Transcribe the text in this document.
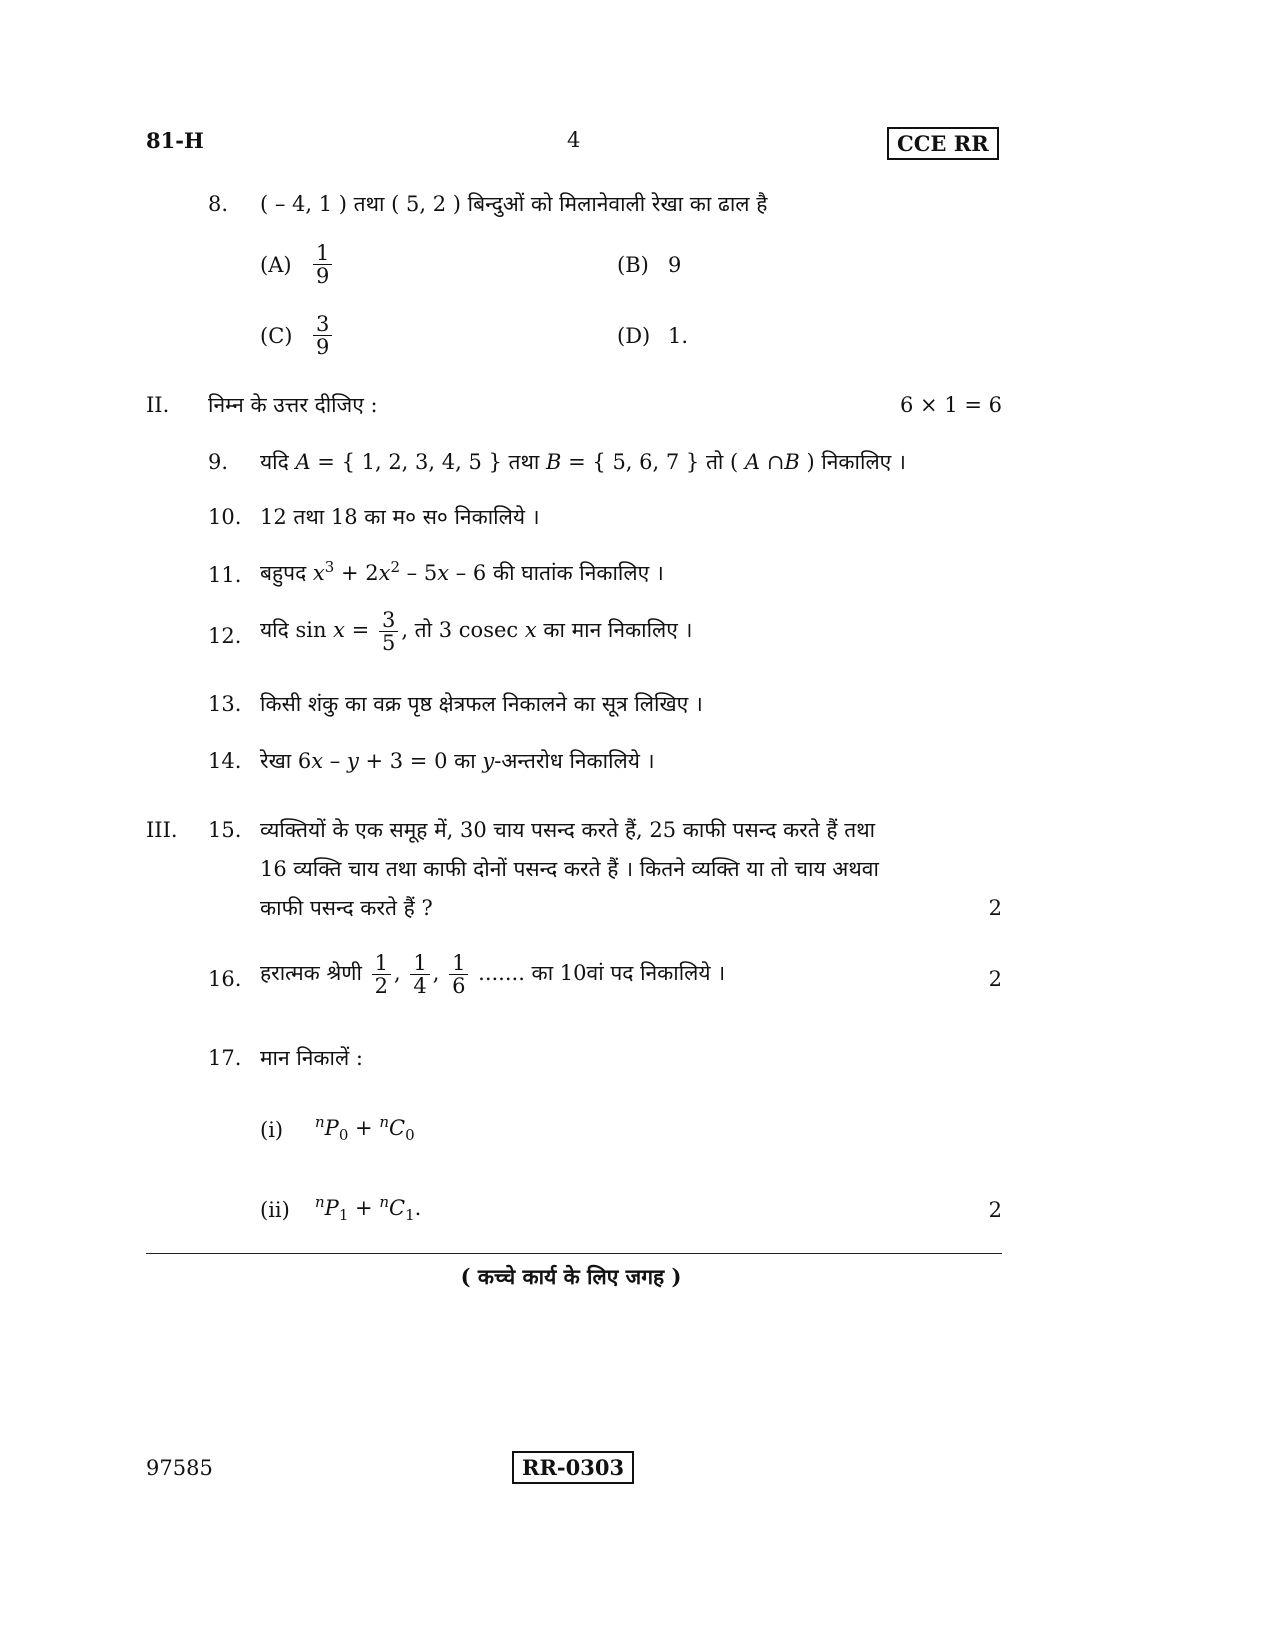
81-H	4	CCE RR
8. ( – 4, 1 ) तथा ( 5, 2 ) बिन्दुओं को मिलानेवाली रेखा का ढाल है
$(A) \frac{1}{9}$	(B) 9
$(C) \frac{3}{9}$	(D) 1.
II. निम्न के उत्तर दीजिए :	6 × 1 = 6
9. यदि A = { 1, 2, 3, 4, 5 } तथा B = { 5, 6, 7 } तो ( A ∩B ) निकालिए ।
10. 12 तथा 18 का म० स० निकालिये ।
11. बहुपद $x^3 + 2x^2 - 5x - 6$ की घातांक निकालिए ।
12. यदि $\sin x = \frac{3}{5}$ , तो 3 cosec x का मान निकालिए ।
13. किसी शंकु का वक्र पृष्ठ क्षेत्रफल निकालने का सूत्र लिखिए ।
14. रेखा 6x – y + 3 = 0 का y-अन्तरोध निकालिये ।
III. 15. व्यक्तियों के एक समूह में, 30 चाय पसन्द करते हैं, 25 काफी पसन्द करते हैं तथा
16 व्यक्ति चाय तथा काफी दोनों पसन्द करते हैं । कितने व्यक्ति या तो चाय अथवा
काफी पसन्द करते हैं ?	2
16. हरात्मक श्रेणी $\frac{1}{2}$ , $\frac{1}{4}$ , $\frac{1}{6}$ ....... का 10वां पद निकालिये ।	2
17. मान निकालें :
(i) $^nP_0 + ^nC_0$
(ii) $^nP_1 + ^nC_1$.	2
( कच्चे कार्य के लिए जगह )
97585	RR-0303
